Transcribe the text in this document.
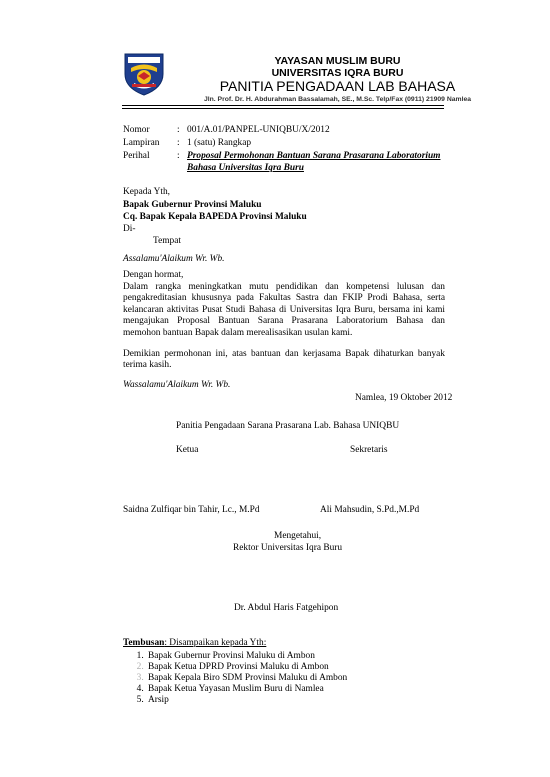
YAYASAN MUSLIM BURU
UNIVERSITAS IQRA BURU
PANITIA PENGADAAN LAB BAHASA
Jln. Prof. Dr. H. Abdurahman Bassalamah, SE., M.Sc. Telp/Fax (0911) 21909 Namlea
Nomor	: 001/A.01/PANPEL-UNIQBU/X/2012
Lampiran	: 1 (satu) Rangkap
Perihal	: Proposal Permohonan Bantuan Sarana Prasarana Laboratorium
Bahasa Universitas Iqra Buru
Kepada Yth,
Bapak Gubernur Provinsi Maluku
Cq. Bapak Kepala BAPEDA Provinsi Maluku
Di-
Tempat
Assalamu'Alaikum Wr. Wb.
Dengan hormat,
Dalam rangka meningkatkan mutu pendidikan dan kompetensi lulusan dan
pengakreditasian khususnya pada Fakultas Sastra dan FKIP Prodi Bahasa, serta
kelancaran aktivitas Pusat Studi Bahasa di Universitas Iqra Buru, bersama ini kami
mengajukan Proposal Bantuan Sarana Prasarana Laboratorium Bahasa dan
memohon bantuan Bapak dalam merealisasikan usulan kami.
Demikian permohonan ini, atas bantuan dan kerjasama Bapak dihaturkan banyak
terima kasih.
Wassalamu'Alaikum Wr. Wb.
Namlea, 19 Oktober 2012
Panitia Pengadaan Sarana Prasarana Lab. Bahasa UNIQBU
Ketua	Sekretaris
Saidna Zulfiqar bin Tahir, Lc., M.Pd	Ali Mahsudin, S.Pd.,M.Pd
Mengetahui,
Rektor Universitas Iqra Buru
Dr. Abdul Haris Fatgehipon
Tembusan: Disampaikan kepada Yth:
1. Bapak Gubernur Provinsi Maluku di Ambon
2. Bapak Ketua DPRD Provinsi Maluku di Ambon
3. Bapak Kepala Biro SDM Provinsi Maluku di Ambon
4. Bapak Ketua Yayasan Muslim Buru di Namlea
5. Arsip
